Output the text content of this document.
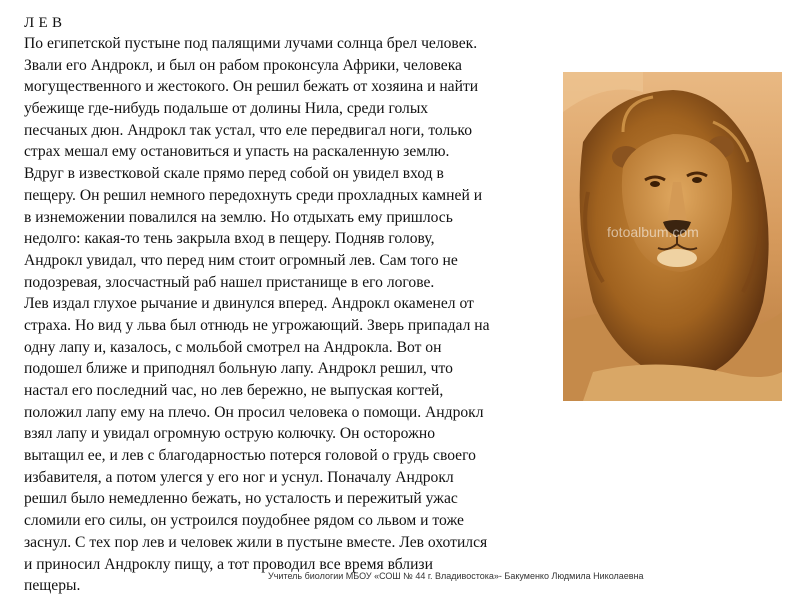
Л Е В
По египетской пустыне под палящими лучами солнца брел человек.
Звали его Андрокл, и был он рабом проконсула Африки, человека
могущественного и жестокого. Он решил бежать от хозяина и найти
убежище где-нибудь подальше от долины Нила, среди голых
песчаных дюн. Андрокл так устал, что еле передвигал ноги, только
страх мешал ему остановиться и упасть на раскаленную землю.
Вдруг в известковой скале прямо перед собой он увидел вход в
пещеру. Он решил немного передохнуть среди прохладных камней и
в изнеможении повалился на землю. Но отдыхать ему пришлось
недолго: какая-то тень закрыла вход в пещеру. Подняв голову,
Андрокл увидал, что перед ним стоит огромный лев. Сам того не
подозревая, злосчастный раб нашел пристанище в его логове.
Лев издал глухое рычание и двинулся вперед. Андрокл окаменел от
страха. Но вид у льва был отнюдь не угрожающий. Зверь припадал на
одну лапу и, казалось, с мольбой смотрел на Андрокла. Вот он
подошел ближе и приподнял больную лапу. Андрокл решил, что
настал его последний час, но лев бережно, не выпуская когтей,
положил лапу ему на плечо. Он просил человека о помощи. Андрокл
взял лапу и увидал огромную острую колючку. Он осторожно
вытащил ее, и лев с благодарностью потерся головой о грудь своего
избавителя, а потом улегся у его ног и уснул. Поначалу Андрокл
решил было немедленно бежать, но усталость и пережитый ужас
сломили его силы, он устроился поудобнее рядом со львом и тоже
заснул. С тех пор лев и человек жили в пустыне вместе. Лев охотился
и приносил Андроклу пищу, а тот проводил все время вблизи
пещеры.
fotoalbum.com
Учитель биологии МБОУ «СОШ № 44 г. Владивостока»- Бакуменко Людмила Николаевна
